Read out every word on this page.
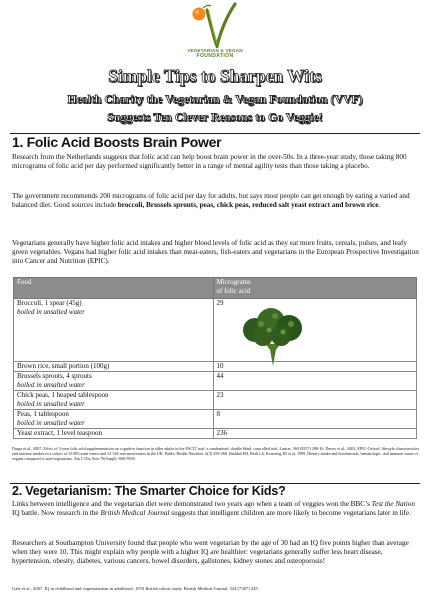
VEGETARIAN & VEGAN
FOUNDATION
Simple Tips to Sharpen Wits
Health Charity the Vegetarian & Vegan Foundation (VVF)
Suggests Ten Clever Reasons to Go Veggie!
1. Folic Acid Boosts Brain Power

Research from the Netherlands suggests that folic acid can help boost brain power in the over-50s. In a three-year study, those taking 800 micrograms of folic acid per day performed significantly better in a range of mental agility tests than those taking a placebo.

The government recommends 200 micrograms of folic acid per day for adults, but says most people can get enough by eating a varied and balanced diet. Good sources include broccoli, Brussels sprouts, peas, chick peas, reduced salt yeast extract and brown rice.

Vegetarians generally have higher folic acid intakes and higher blood levels of folic acid as they eat more fruits, cereals, pulses, and leafy green vegetables. Vegans had higher folic acid intakes than meat-eaters, fish-eaters and vegetarians in the European Prospective Investigation into Cancer and Nutrition (EPIC).

Food	Micrograms
of folic acid

Broccoli, 1 spear (45g)
boiled in unsalted water	29
Brown rice, small portion (100g)	10

Brussels sprouts, 4 sprouts
boiled in unsalted water	44

Chick peas, 1 heaped tablespoon
boiled in unsalted water	23

Peas, 1 tablespoon
boiled in unsalted water	8
Yeast extract, 1 level teaspoon	236
Durga et al., 2007. Effect of 3-year folic acid supplementation on cognitive function in older adults in the FACIT trial: a randomised, double blind, controlled trial. Lancet. 369 (9557) 208-16. Davey et al., 2002. EPIC-Oxford: lifestyle characteristics and nutrient intakes in a cohort of 33 883 meat-eaters and 31 546 non meat-eaters in the UK. Public Health Nutrition. 6(3) 259-268. Haddad EH, Berk LS, Kettering JD et al, 1999. Dietary intake and biochemical, hematologic, and immune status of vegans compared to non-vegetarians. Am J Clin Nutr 70(Suppl): 86S-593S.
2. Vegetarianism: The Smarter Choice for Kids?

Links between intelligence and the vegetarian diet were demonstrated two years ago when a team of veggies won the BBC’s Test the Nation IQ battle. Now research in the British Medical Journal suggests that intelligent children are more likely to become vegetarians later in life.

Researchers at Southampton University found that people who went vegetarian by the age of 30 had an IQ five points higher than average when they were 10. This might explain why people with a higher IQ are healthier: vegetarians generally suffer less heart disease, hypertension, obesity, diabetes, various cancers, bowel disorders, gallstones, kidney stones and osteoporosis!

Gale et al., 2007. IQ in childhood and vegetarianism in adulthood: 1970 British cohort study. British Medical Journal. 334 (7587) 245.
